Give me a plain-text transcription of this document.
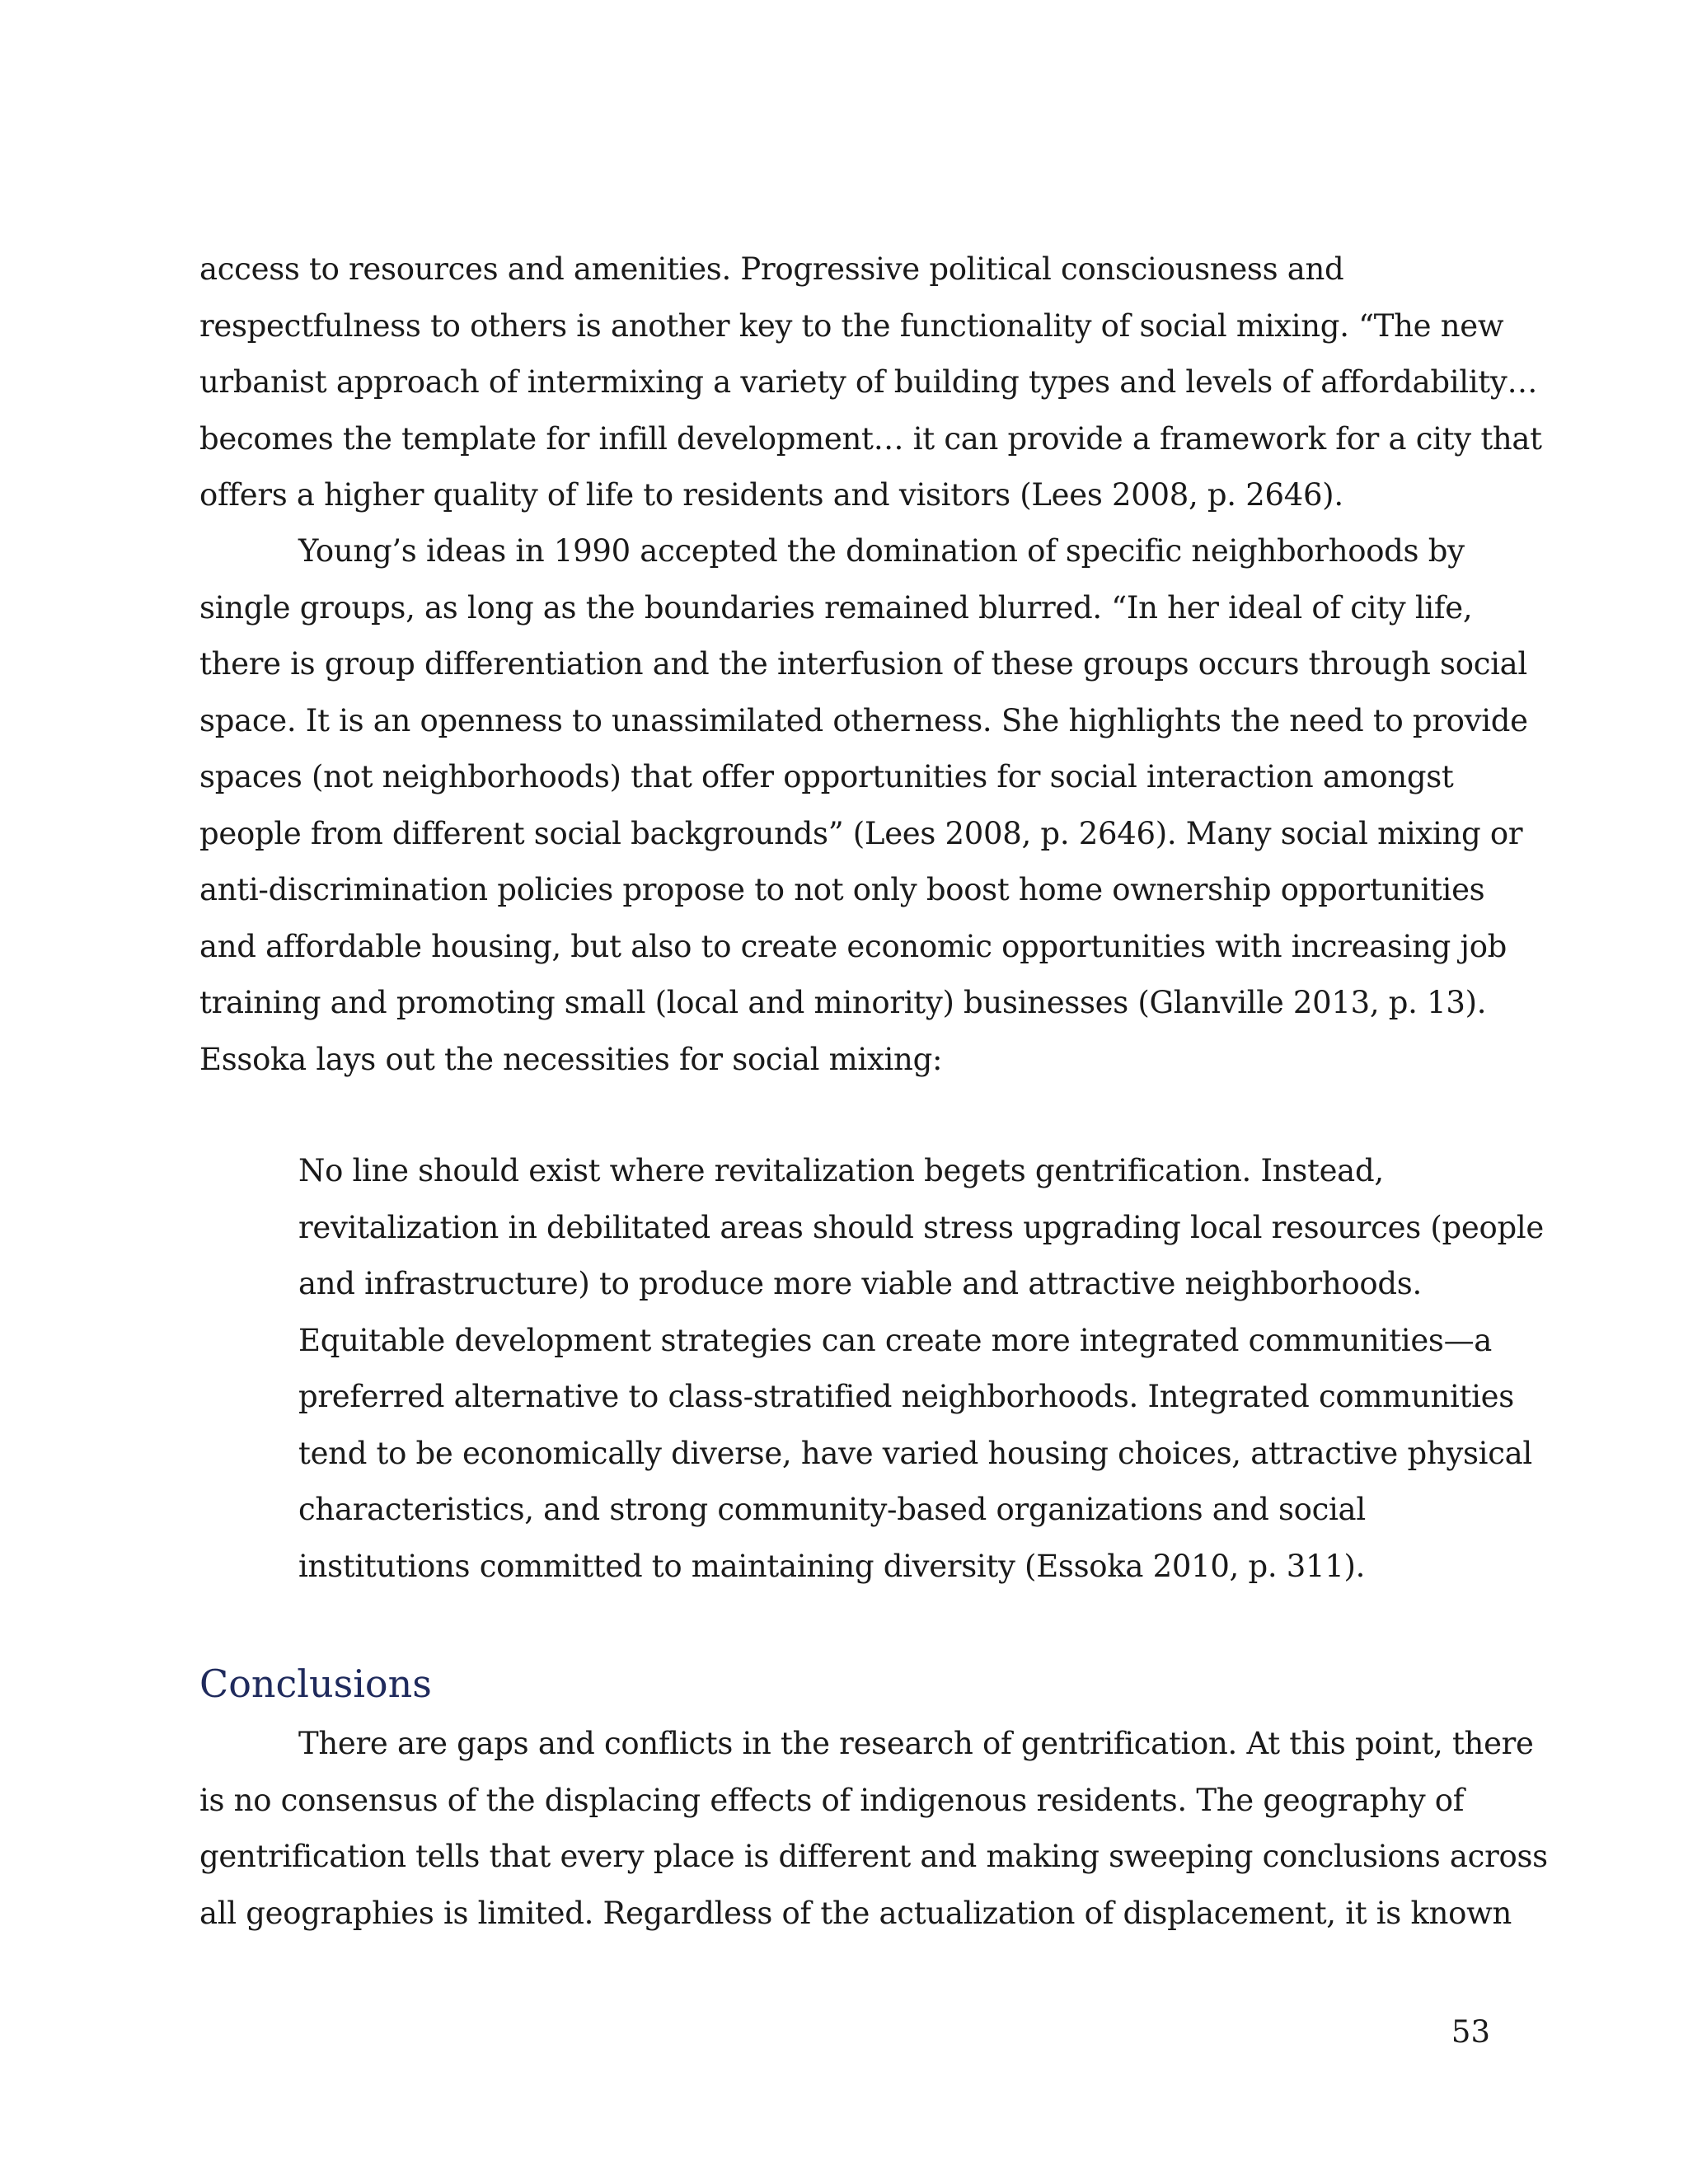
access to resources and amenities. Progressive political consciousness and
respectfulness to others is another key to the functionality of social mixing. “The new
urbanist approach of intermixing a variety of building types and levels of affordability…
becomes the template for infill development… it can provide a framework for a city that
offers a higher quality of life to residents and visitors (Lees 2008, p. 2646).
Young’s ideas in 1990 accepted the domination of specific neighborhoods by
single groups, as long as the boundaries remained blurred. “In her ideal of city life,
there is group differentiation and the interfusion of these groups occurs through social
space. It is an openness to unassimilated otherness. She highlights the need to provide
spaces (not neighborhoods) that offer opportunities for social interaction amongst
people from different social backgrounds” (Lees 2008, p. 2646). Many social mixing or
anti-discrimination policies propose to not only boost home ownership opportunities
and affordable housing, but also to create economic opportunities with increasing job
training and promoting small (local and minority) businesses (Glanville 2013, p. 13).
Essoka lays out the necessities for social mixing:
No line should exist where revitalization begets gentrification. Instead,
revitalization in debilitated areas should stress upgrading local resources (people
and infrastructure) to produce more viable and attractive neighborhoods.
Equitable development strategies can create more integrated communities—a
preferred alternative to class-stratified neighborhoods. Integrated communities
tend to be economically diverse, have varied housing choices, attractive physical
characteristics, and strong community-based organizations and social
institutions committed to maintaining diversity (Essoka 2010, p. 311).
Conclusions
There are gaps and conflicts in the research of gentrification. At this point, there
is no consensus of the displacing effects of indigenous residents. The geography of
gentrification tells that every place is different and making sweeping conclusions across
all geographies is limited. Regardless of the actualization of displacement, it is known
53
